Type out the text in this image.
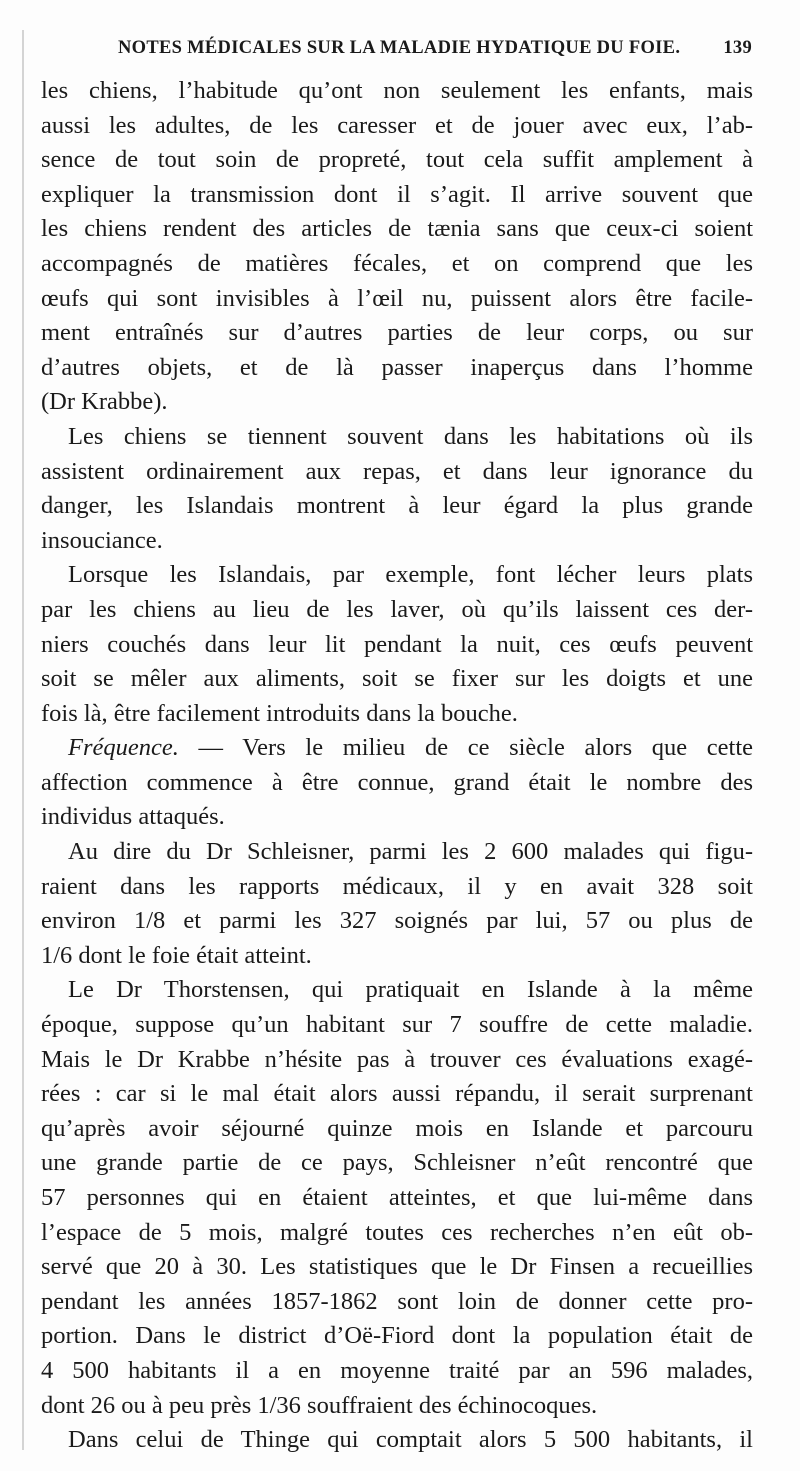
NOTES MÉDICALES SUR LA MALADIE HYDATIQUE DU FOIE. 139
les chiens, l’habitude qu’ont non seulement les enfants, mais
aussi les adultes, de les caresser et de jouer avec eux, l’ab-
sence de tout soin de propreté, tout cela suffit amplement à
expliquer la transmission dont il s’agit. Il arrive souvent que
les chiens rendent des articles de tænia sans que ceux-ci soient
accompagnés de matières fécales, et on comprend que les
œufs qui sont invisibles à l’œil nu, puissent alors être facile-
ment entraînés sur d’autres parties de leur corps, ou sur
d’autres objets, et de là passer inaperçus dans l’homme
(Dr Krabbe).
Les chiens se tiennent souvent dans les habitations où ils
assistent ordinairement aux repas, et dans leur ignorance du
danger, les Islandais montrent à leur égard la plus grande
insouciance.
Lorsque les Islandais, par exemple, font lécher leurs plats
par les chiens au lieu de les laver, où qu’ils laissent ces der-
niers couchés dans leur lit pendant la nuit, ces œufs peuvent
soit se mêler aux aliments, soit se fixer sur les doigts et une
fois là, être facilement introduits dans la bouche.
Fréquence. — Vers le milieu de ce siècle alors que cette
affection commence à être connue, grand était le nombre des
individus attaqués.
Au dire du Dr Schleisner, parmi les 2 600 malades qui figu-
raient dans les rapports médicaux, il y en avait 328 soit
environ 1/8 et parmi les 327 soignés par lui, 57 ou plus de
1/6 dont le foie était atteint.
Le Dr Thorstensen, qui pratiquait en Islande à la même
époque, suppose qu’un habitant sur 7 souffre de cette maladie.
Mais le Dr Krabbe n’hésite pas à trouver ces évaluations exagé-
rées : car si le mal était alors aussi répandu, il serait surprenant
qu’après avoir séjourné quinze mois en Islande et parcouru
une grande partie de ce pays, Schleisner n’eût rencontré que
57 personnes qui en étaient atteintes, et que lui-même dans
l’espace de 5 mois, malgré toutes ces recherches n’en eût ob-
servé que 20 à 30. Les statistiques que le Dr Finsen a recueillies
pendant les années 1857-1862 sont loin de donner cette pro-
portion. Dans le district d’Oë-Fiord dont la population était de
4 500 habitants il a en moyenne traité par an 596 malades,
dont 26 ou à peu près 1/36 souffraient des échinocoques.
Dans celui de Thinge qui comptait alors 5 500 habitants, il
